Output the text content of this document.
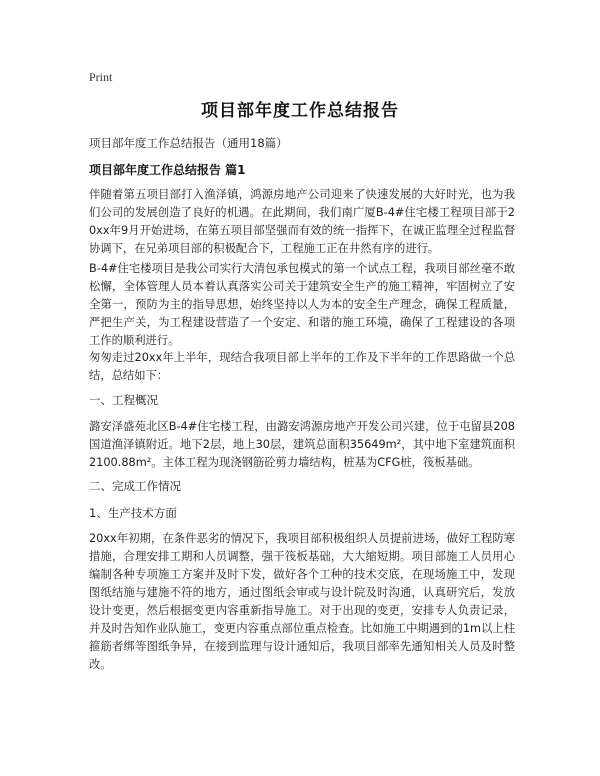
Print
项目部年度工作总结报告
项目部年度工作总结报告（通用18篇）
项目部年度工作总结报告 篇1

伴随着第五项目部打入渔泽镇，鸿源房地产公司迎来了快速发展的大好时光，也为我们公司的发展创造了良好的机遇。在此期间，我们南广厦B-4#住宅楼工程项目部于20xx年9月开始进场，在第五项目部坚强而有效的统一指挥下，在诚正监理全过程监督协调下，在兄弟项目部的积极配合下，工程施工正在井然有序的进行。

B-4#住宅楼项目是我公司实行大清包承包模式的第一个试点工程，我项目部丝毫不敢松懈，全体管理人员本着认真落实公司关于建筑安全生产的施工精神，牢固树立了安全第一，预防为主的指导思想，始终坚持以人为本的安全生产理念，确保工程质量，严把生产关，为工程建设营造了一个安定、和谐的施工环境，确保了工程建设的各项工作的顺利进行。

匆匆走过20xx年上半年，现结合我项目部上半年的工作及下半年的工作思路做一个总结，总结如下：

一、工程概况

潞安泽盛苑北区B-4#住宅楼工程，由潞安鸿源房地产开发公司兴建，位于屯留县208国道渔泽镇附近。地下2层，地上30层，建筑总面积35649m²，其中地下室建筑面积2100.88m²。主体工程为现浇钢筋砼剪力墙结构，桩基为CFG桩，筏板基础。

二、完成工作情况
1、生产技术方面

20xx年初期，在条件恶劣的情况下，我项目部积极组织人员提前进场，做好工程防寒措施，合理安排工期和人员调整，强干筏板基础，大大缩短期。项目部施工人员用心编制各种专项施工方案并及时下发，做好各个工种的技术交底，在现场施工中，发现图纸结施与建施不符的地方，通过图纸会审或与设计院及时沟通，认真研究后，发放设计变更，然后根据变更内容重新指导施工。对于出现的变更，安排专人负责记录，并及时告知作业队施工，变更内容重点部位重点检查。比如施工中期遇到的1m以上柱箍筋者绑等图纸争异，在接到监理与设计通知后，我项目部率先通知相关人员及时整改。
